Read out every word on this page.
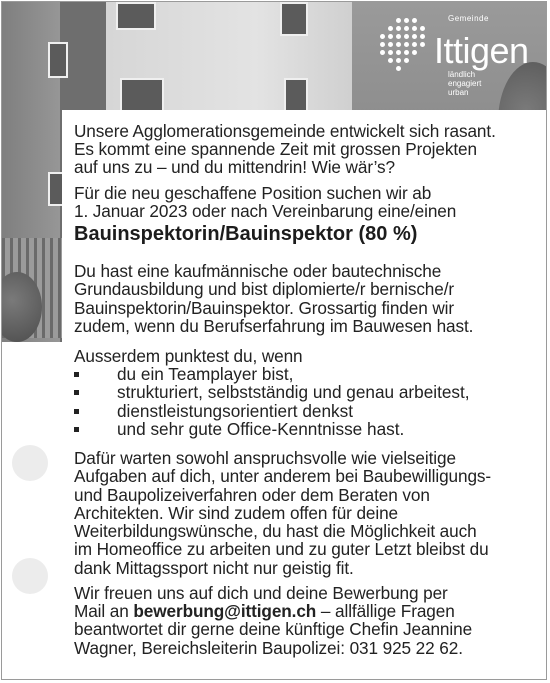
Gemeinde
Ittigen
ländlich
engagiert
urban
Unsere Agglomerationsgemeinde entwickelt sich rasant.
Es kommt eine spannende Zeit mit grossen Projekten
auf uns zu – und du mittendrin! Wie wär’s?
Für die neu geschaffene Position suchen wir ab
1. Januar 2023 oder nach Vereinbarung eine/einen
Bauinspektorin/Bauinspektor (80 %)
Du hast eine kaufmännische oder bautechnische
Grundausbildung und bist diplomierte/r bernische/r
Bauinspektorin/Bauinspektor. Grossartig finden wir
zudem, wenn du Berufserfahrung im Bauwesen hast.
Ausserdem punktest du, wenn
du ein Teamplayer bist,
strukturiert, selbstständig und genau arbeitest,
dienstleistungsorientiert denkst
und sehr gute Office-Kenntnisse hast.
Dafür warten sowohl anspruchsvolle wie vielseitige
Aufgaben auf dich, unter anderem bei Baubewilligungs-
und Baupolizeiverfahren oder dem Beraten von
Architekten. Wir sind zudem offen für deine
Weiterbildungswünsche, du hast die Möglichkeit auch
im Homeoffice zu arbeiten und zu guter Letzt bleibst du
dank Mittagssport nicht nur geistig fit.
Wir freuen uns auf dich und deine Bewerbung per
Mail an bewerbung@ittigen.ch – allfällige Fragen
beantwortet dir gerne deine künftige Chefin Jeannine
Wagner, Bereichsleiterin Baupolizei: 031 925 22 62.
